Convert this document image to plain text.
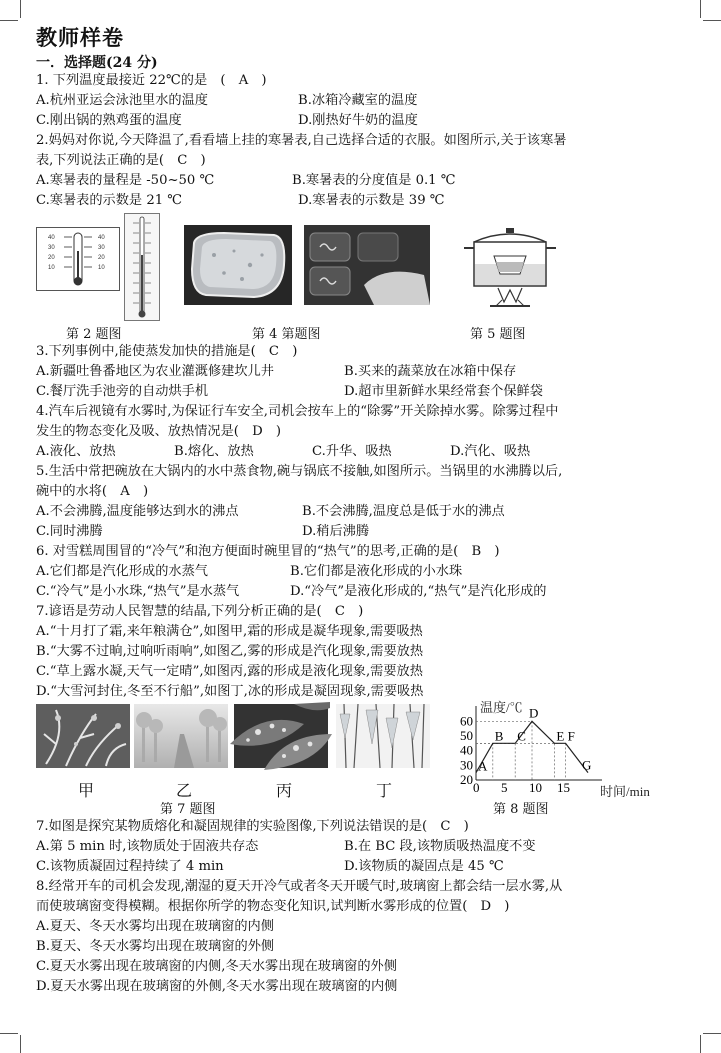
教师样卷
一．选择题(24 分)
1. 下列温度最接近 22℃的是　(　A　)
A.杭州亚运会泳池里水的温度	B.冰箱冷藏室的温度
C.刚出锅的熟鸡蛋的温度	D.刚热好牛奶的温度
2.妈妈对你说,今天降温了,看看墙上挂的寒暑表,自己选择合适的衣服。如图所示,关于该寒暑
表,下列说法正确的是(　C　)
A.寒暑表的量程是 -50~50 ℃	B.寒暑表的分度值是 0.1 ℃
C.寒暑表的示数是 21 ℃	D.寒暑表的示数是 39 ℃
40
30
20
10
40
30
20
10
第 2 题图	第 4 第题图	第 5 题图
3.下列事例中,能使蒸发加快的措施是(　C　)
A.新疆吐鲁番地区为农业灌溉修建坎儿井	B.买来的蔬菜放在冰箱中保存
C.餐厅洗手池旁的自动烘手机	D.超市里新鲜水果经常套个保鲜袋
4.汽车后视镜有水雾时,为保证行车安全,司机会按车上的“除雾”开关除掉水雾。除雾过程中
发生的物态变化及吸、放热情况是(　D　)
A.液化、放热	B.熔化、放热	C.升华、吸热	D.汽化、吸热
5.生活中常把碗放在大锅内的水中蒸食物,碗与锅底不接触,如图所示。当锅里的水沸腾以后,
碗中的水将(　A　)
A.不会沸腾,温度能够达到水的沸点	B.不会沸腾,温度总是低于水的沸点
C.同时沸腾	D.稍后沸腾
6. 对雪糕周围冒的“冷气”和泡方便面时碗里冒的“热气”的思考,正确的是(　B　)
A.它们都是汽化形成的水蒸气	B.它们都是液化形成的小水珠
C.“冷气”是小水珠,“热气”是水蒸气	D.“冷气”是液化形成的,“热气”是汽化形成的
7.谚语是劳动人民智慧的结晶,下列分析正确的是(　C　)
A.“十月打了霜,来年粮满仓”,如图甲,霜的形成是凝华现象,需要吸热
B.“大雾不过晌,过响听雨响”,如图乙,雾的形成是汽化现象,需要放热
C.“草上露水凝,天气一定晴”,如图丙,露的形成是液化现象,需要放热
D.“大雪河封住,冬至不行船”,如图丁,冰的形成是凝固现象,需要吸热
甲	乙	丙	丁
温度/℃
时间/min
20
30
40
50
60
0 5 10 15
A
B C
D
E F
G
第 7 题图	第 8 题图
7.如图是探究某物质熔化和凝固规律的实验图像,下列说法错误的是(　C　)
A.第 5 min 时,该物质处于固液共存态	B.在 BC 段,该物质吸热温度不变
C.该物质凝固过程持续了 4 min	D.该物质的凝固点是 45 ℃
8.经常开车的司机会发现,潮湿的夏天开冷气或者冬天开暖气时,玻璃窗上都会结一层水雾,从
而使玻璃窗变得模糊。根据你所学的物态变化知识,试判断水雾形成的位置(　D　)
A.夏天、冬天水雾均出现在玻璃窗的内侧
B.夏天、冬天水雾均出现在玻璃窗的外侧
C.夏天水雾出现在玻璃窗的内侧,冬天水雾出现在玻璃窗的外侧
D.夏天水雾出现在玻璃窗的外侧,冬天水雾出现在玻璃窗的内侧
